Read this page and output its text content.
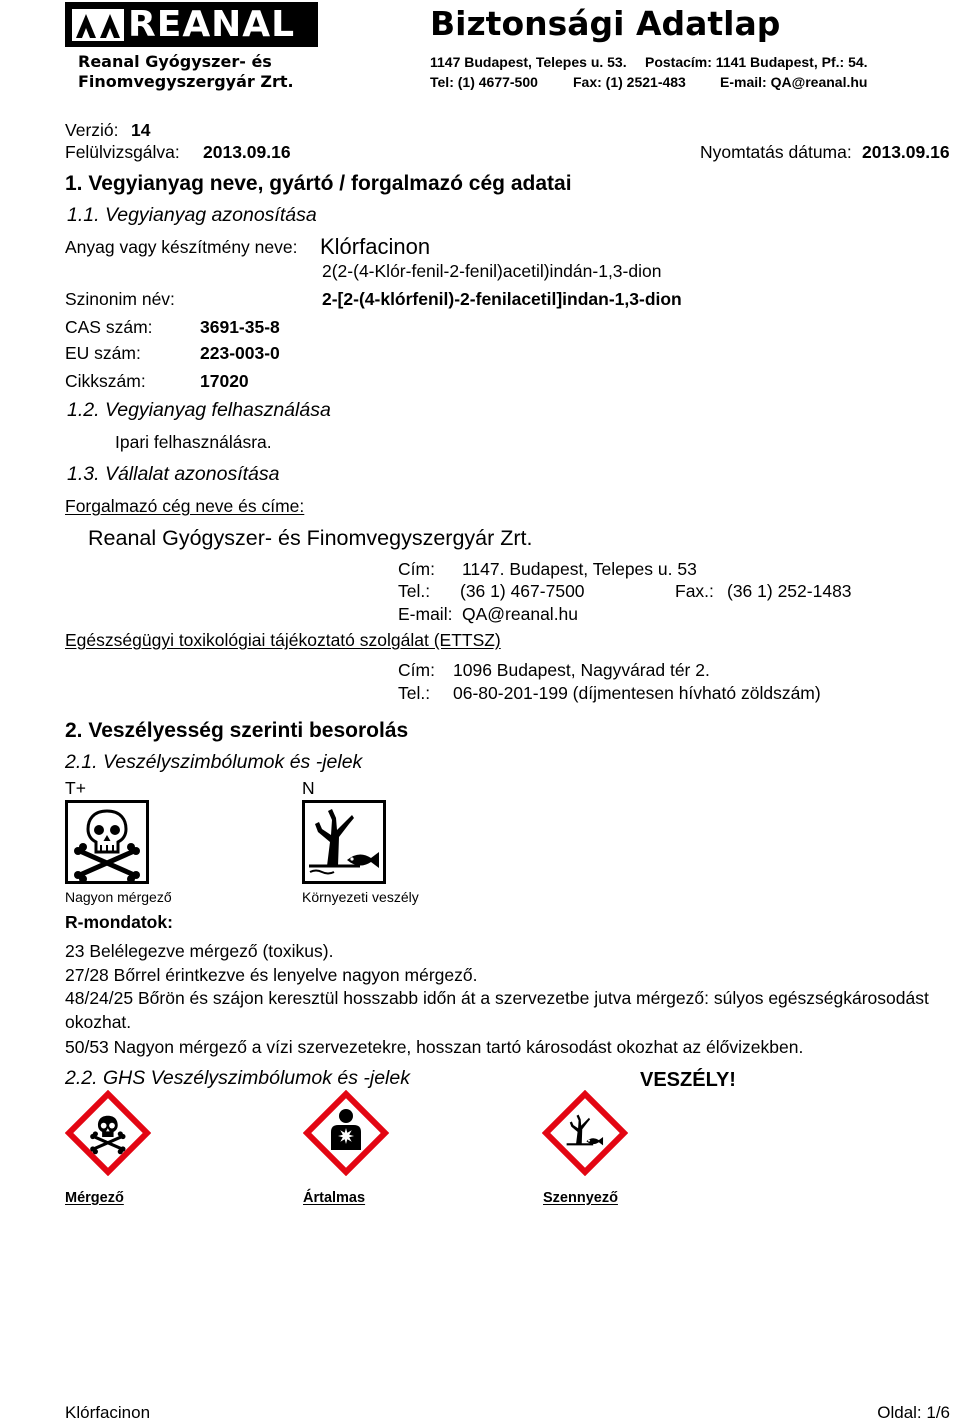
REANAL
Reanal Gyógyszer- és
Finomvegyszergyár Zrt.
Biztonsági Adatlap
1147 Budapest, Telepes u. 53. Postacím: 1141 Budapest, Pf.: 54.
Tel: (1) 4677-500	Fax: (1) 2521-483 E-mail: QA@reanal.hu
Verzió: 14
Felülvizsgálva: 2013.09.16	Nyomtatás dátuma: 2013.09.16
1. Vegyianyag neve, gyártó / forgalmazó cég adatai
1.1. Vegyianyag azonosítása
Anyag vagy készítmény neve: Klórfacinon
2(2-(4-Klór-fenil-2-fenil)acetil)indán-1,3-dion
Szinonim név:	2-[2-(4-klórfenil)-2-fenilacetil]indan-1,3-dion
CAS szám:	3691-35-8
EU szám:	223-003-0
Cikkszám:	17020
1.2. Vegyianyag felhasználása
Ipari felhasználásra.
1.3. Vállalat azonosítása
Forgalmazó cég neve és címe:
Reanal Gyógyszer- és Finomvegyszergyár Zrt.
Cím: 1147. Budapest, Telepes u. 53
Tel.: (36 1) 467-7500	Fax.: (36 1) 252-1483
E-mail: QA@reanal.hu
Egészségügyi toxikológiai tájékoztató szolgálat (ETTSZ)
Cím: 1096 Budapest, Nagyvárad tér 2.
Tel.: 06-80-201-199 (díjmentesen hívható zöldszám)
2. Veszélyesség szerinti besorolás
2.1. Veszélyszimbólumok és -jelek
T+	N
Nagyon mérgező	Környezeti veszély
R-mondatok:
23 Belélegezve mérgező (toxikus).
27/28 Bőrrel érintkezve és lenyelve nagyon mérgező.
48/24/25 Bőrön és szájon keresztül hosszabb időn át a szervezetbe jutva mérgező: súlyos egészségkárosodást
okozhat.
50/53 Nagyon mérgező a vízi szervezetekre, hosszan tartó károsodást okozhat az élővizekben.
2.2. GHS Veszélyszimbólumok és -jelek	VESZÉLY!
Mérgező	Ártalmas	Szennyező
Klórfacinon	Oldal: 1/6
